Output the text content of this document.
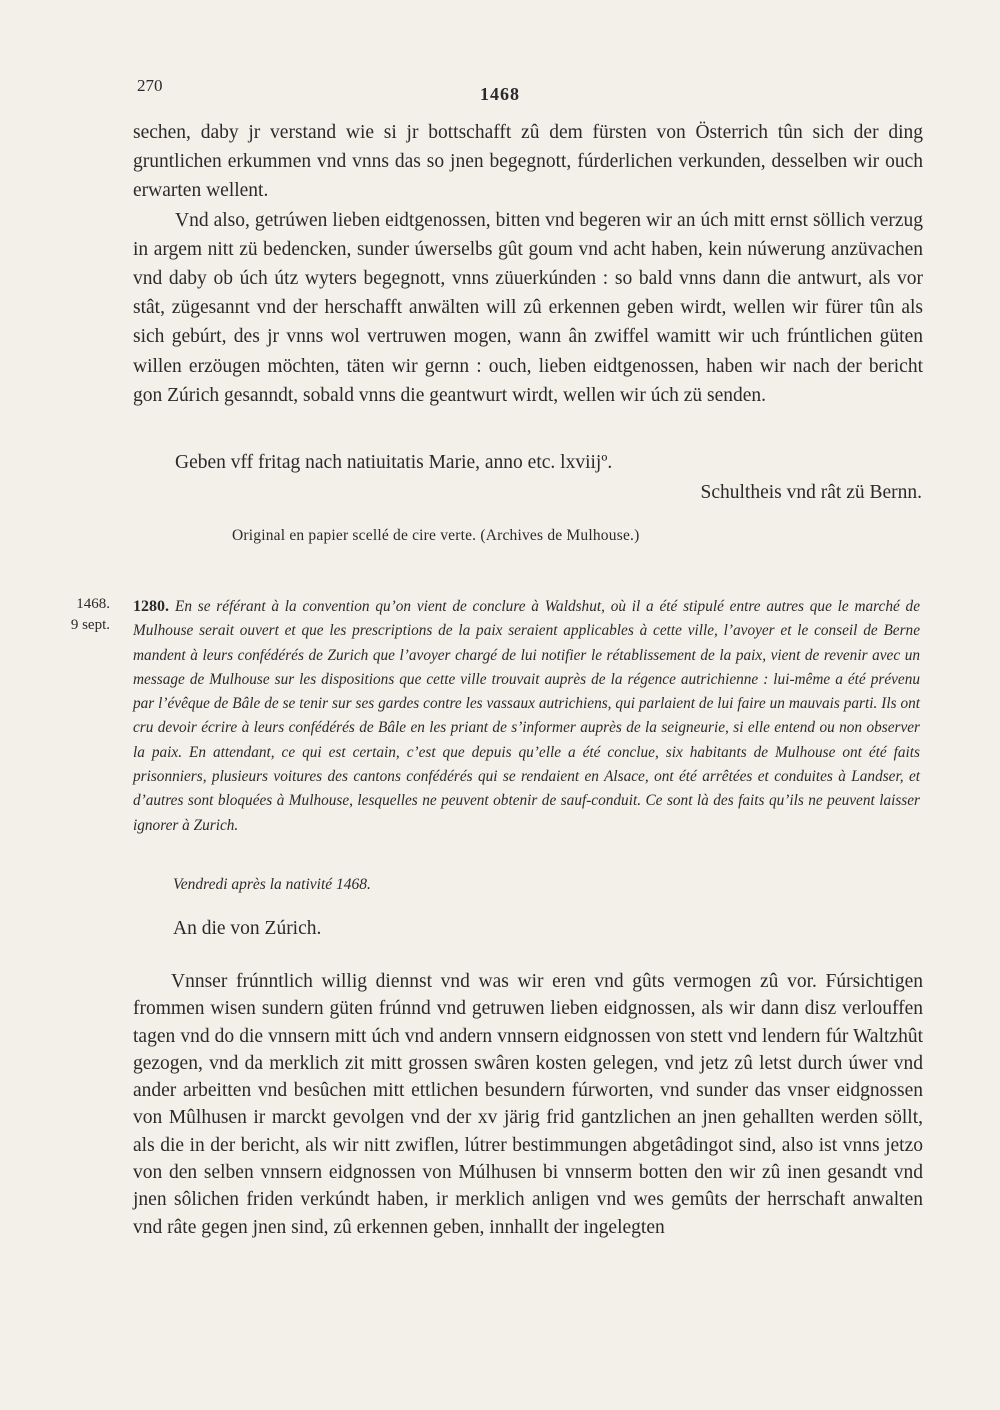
270	1468

sechen, daby jr verstand wie si jr bottschafft zû dem fürsten von Österrich tûn sich der ding gruntlichen erkummen vnd vnns das so jnen begegnott, fúrderlichen verkunden, desselben wir ouch erwarten wellent.

Vnd also, getrúwen lieben eidtgenossen, bitten vnd begeren wir an úch mitt ernst söllich verzug in argem nitt zü bedencken, sunder úwerselbs gût goum vnd acht haben, kein núwerung anzüvachen vnd daby ob úch útz wyters begegnott, vnns züuerkúnden : so bald vnns dann die antwurt, als vor stât, zügesannt vnd der herschafft anwälten will zû erkennen geben wirdt, wellen wir fürer tûn als sich gebúrt, des jr vnns wol vertruwen mogen, wann ân zwiffel wamitt wir uch frúntlichen güten willen erzöugen möchten, täten wir gernn : ouch, lieben eidtgenossen, haben wir nach der bericht gon Zúrich gesanndt, sobald vnns die geantwurt wirdt, wellen wir úch zü senden.

Geben vff fritag nach natiuitatis Marie, anno etc. lxviijº.
Schultheis vnd rât zü Bernn.
Original en papier scellé de cire verte. (Archives de Mulhouse.)
1468.
9 sept.

1280. En se référant à la convention qu’on vient de conclure à Waldshut, où il a été stipulé entre autres que le marché de Mulhouse serait ouvert et que les prescriptions de la paix seraient applicables à cette ville, l’avoyer et le conseil de Berne mandent à leurs confédérés de Zurich que l’avoyer chargé de lui notifier le rétablissement de la paix, vient de revenir avec un message de Mulhouse sur les dispositions que cette ville trouvait auprès de la régence autrichienne : lui-même a été prévenu par l’évêque de Bâle de se tenir sur ses gardes contre les vassaux autrichiens, qui parlaient de lui faire un mauvais parti. Ils ont cru devoir écrire à leurs confédérés de Bâle en les priant de s’informer auprès de la seigneurie, si elle entend ou non observer la paix. En attendant, ce qui est certain, c’est que depuis qu’elle a été conclue, six habitants de Mulhouse ont été faits prisonniers, plusieurs voitures des cantons confédérés qui se rendaient en Alsace, ont été arrêtées et conduites à Landser, et d’autres sont bloquées à Mulhouse, lesquelles ne peuvent obtenir de sauf-conduit. Ce sont là des faits qu’ils ne peuvent laisser ignorer à Zurich.

Vendredi après la nativité 1468.
An die von Zúrich.

Vnnser frúnntlich willig diennst vnd was wir eren vnd gûts vermogen zû vor. Fúrsichtigen frommen wisen sundern güten frúnnd vnd getruwen lieben eidgnossen, als wir dann disz verlouffen tagen vnd do die vnnsern mitt úch vnd andern vnnsern eidgnossen von stett vnd lendern fúr Waltzhût gezogen, vnd da merklich zit mitt grossen swâren kosten gelegen, vnd jetz zû letst durch úwer vnd ander arbeitten vnd besûchen mitt ettlichen besundern fúrworten, vnd sunder das vnser eidgnossen von Mûlhusen ir marckt gevolgen vnd der xv järig frid gantzlichen an jnen gehallten werden söllt, als die in der bericht, als wir nitt zwiflen, lútrer bestimmungen abgetâdingot sind, also ist vnns jetzo von den selben vnnsern eidgnossen von Múlhusen bi vnnserm botten den wir zû inen gesandt vnd jnen sôlichen friden verkúndt haben, ir merklich anligen vnd wes gemûts der herrschaft anwalten vnd râte gegen jnen sind, zû erkennen geben, innhallt der ingelegten
